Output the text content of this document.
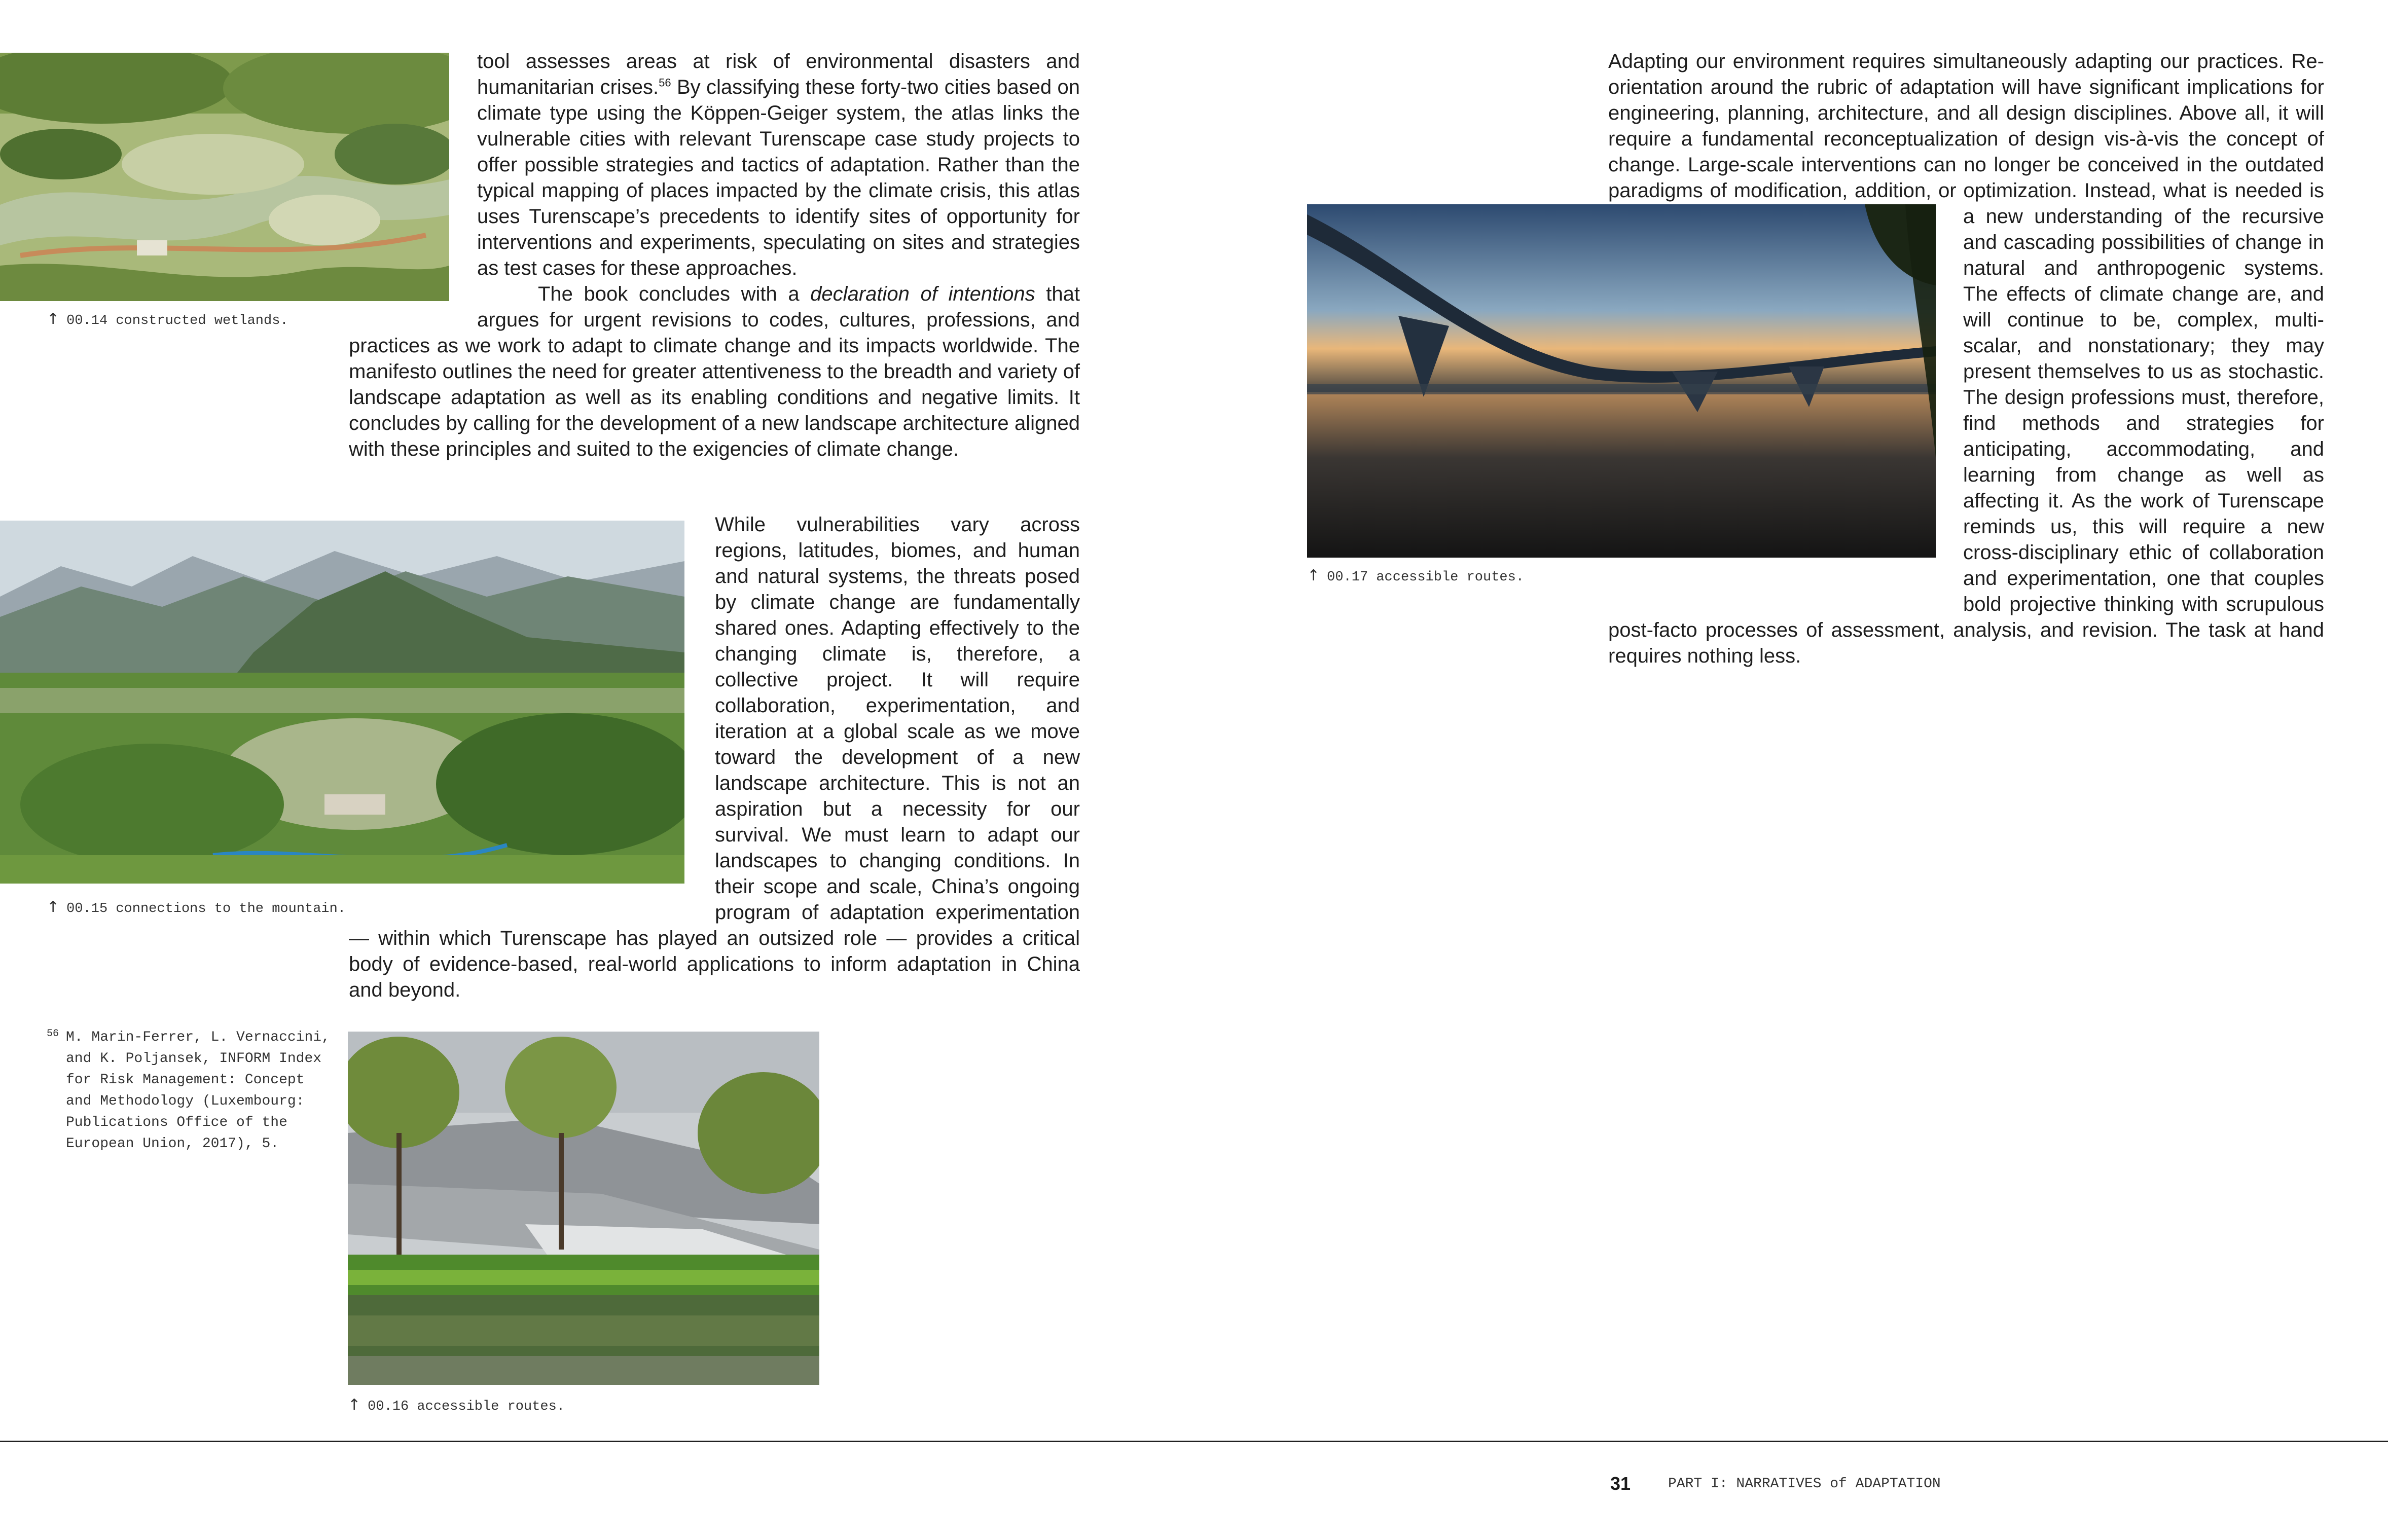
tool assesses areas at risk of environmental disasters and humanitarian crises.$^{56}$ By classifying these forty-two cities based on climate type using the Köppen-Geiger system, the atlas links the vulnerable cities with relevant Turenscape case study projects to offer possible strategies and tactics of adaptation. Rather than the typical mapping of places impacted by the climate crisis, this atlas uses Turenscape’s precedents to identify sites of opportunity for interventions and experiments, speculating on sites and strategies as test cases for these approaches.

The book concludes with a declaration of intentions that argues for urgent revisions to codes, cultures, professions, and practices as we work to adapt to climate change and its impacts worldwide. The manifesto outlines the need for greater attentiveness to the breadth and variety of landscape adaptation as well as its enabling conditions and negative limits. It concludes by calling for the development of a new landscape architecture aligned with these principles and suited to the exigencies of climate change.

↑ 00.14 constructed wetlands.
↑ 00.15 connections to the mountain.

While vulnerabilities vary across regions, latitudes, biomes, and human and natural systems, the threats posed by climate change are fundamentally shared ones. Adapting effectively to the changing climate is, therefore, a collective project. It will require collaboration, experimentation, and iteration at a global scale as we move toward the development of a new landscape architecture. This is not an aspiration but a necessity for our survival. We must learn to adapt our landscapes to changing conditions. In their scope and scale, China’s ongoing program of adaptation experimentation — within which Turenscape has played an outsized role — provides a critical body of evidence-based, real-world applications to inform adaptation in China and beyond.

56 M. Marin-Ferrer, L. Vernaccini, and K. Poljansek, INFORM Index for Risk Management: Concept and Methodology (Luxembourg: Publications Office of the European Union, 2017), 5.
↑ 00.16 accessible routes.
↑ 00.17 accessible routes.

Adapting our environment requires simultaneously adapting our practices. Re-orientation around the rubric of adaptation will have significant implications for engineering, planning, architecture, and all design disciplines. Above all, it will require a fundamental reconceptualization of design vis-à-vis the concept of change. Large-scale interventions can no longer be conceived in the outdated paradigms of modification, addition, or optimization. Instead, what is needed is a new understanding of the recursive and cascading possibilities of change in natural and anthropogenic systems. The effects of climate change are, and will continue to be, complex, multi-scalar, and nonstationary; they may present themselves to us as stochastic. The design professions must, therefore, find methods and strategies for anticipating, accommodating, and learning from change as well as affecting it. As the work of Turenscape reminds us, this will require a new cross-disciplinary ethic of collaboration and experimentation, one that couples bold projective thinking with scrupulous post-facto processes of assessment, analysis, and revision. The task at hand requires nothing less.

31	PART I: NARRATIVES of ADAPTATION
